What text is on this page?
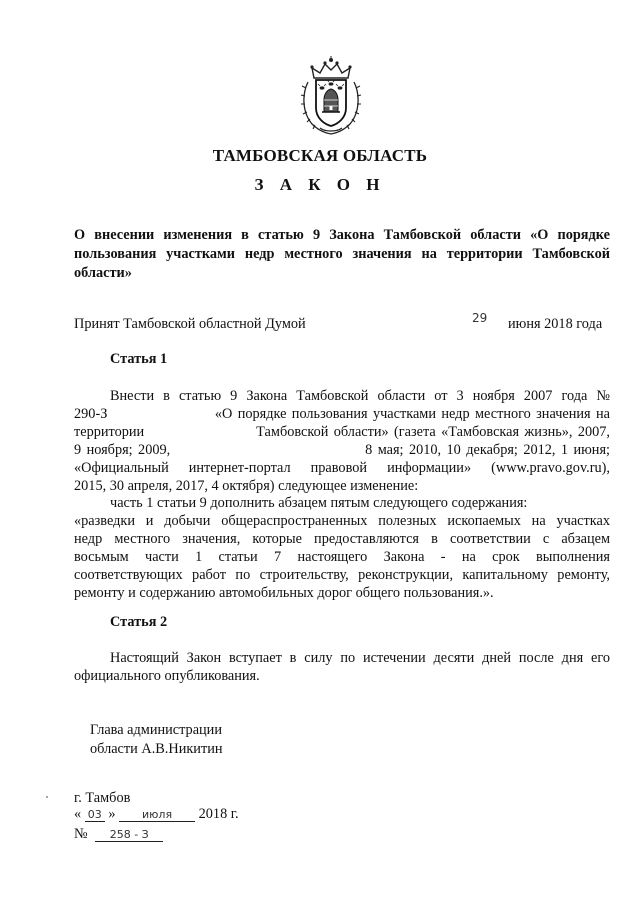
ТАМБОВСКАЯ ОБЛАСТЬ
З А К О Н
О внесении изменения в статью 9 Закона Тамбовской области «О порядке
пользования участками недр местного значения на территории Тамбовской
области»
Принят Тамбовской областной Думой	29 июня 2018 года
Статья 1
Внести в статью 9 Закона Тамбовской области от 3 ноября 2007 года №
290-З                    «О порядке пользования участками недр местного значения на
территории                     Тамбовской области» (газета «Тамбовская жизнь», 2007,
9 ноября; 2009,                                    8 мая; 2010, 10 декабря; 2012, 1 июня;
«Официальный интернет-портал правовой информации» (www.pravo.gov.ru),
2015, 30 апреля, 2017, 4 октября) следующее изменение:
часть 1 статьи 9 дополнить абзацем пятым следующего содержания:
«разведки и добычи общераспространенных полезных ископаемых на участках
недр местного значения, которые предоставляются в соответствии с абзацем
восьмым части 1 статьи 7 настоящего Закона - на срок выполнения
соответствующих работ по строительству, реконструкции, капитальному ремонту,
ремонту и содержанию автомобильных дорог общего пользования.».
Статья 2
Настоящий Закон вступает в силу по истечении десяти дней после дня его
официального опубликования.
Глава администрации
области А.В.Никитин
г. Тамбов
« 03 » июля 2018 г.
№ 258 - З
